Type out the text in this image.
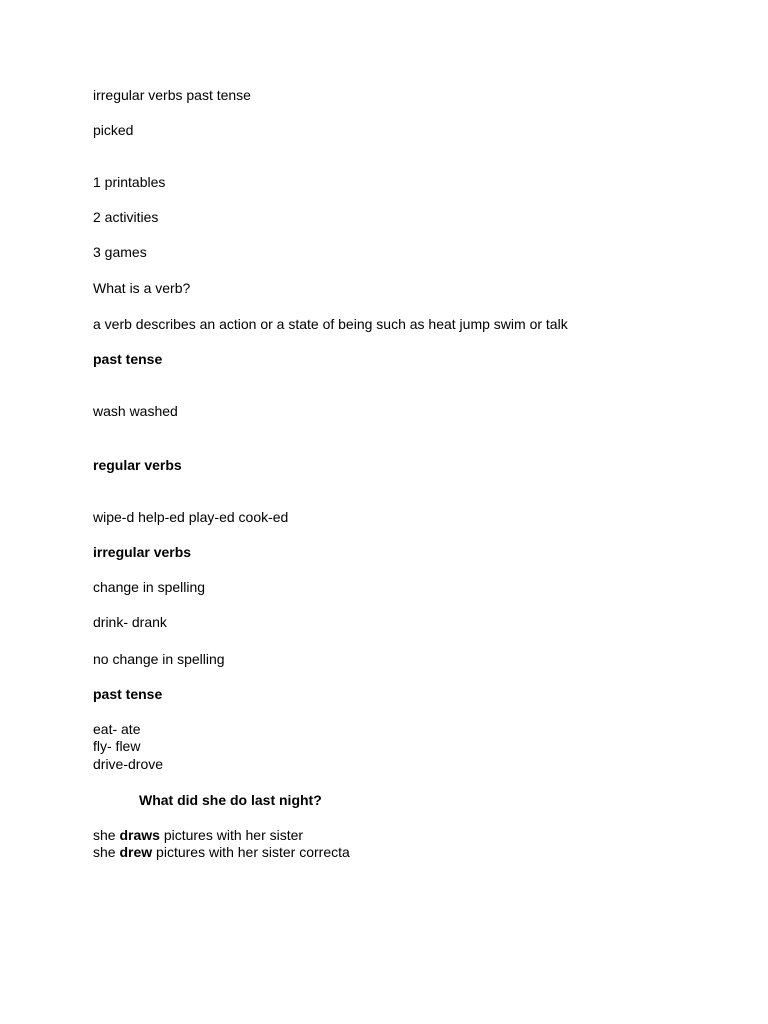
irregular verbs past tense

picked

1 printables

2 activities

3 games

What is a verb?

a verb describes an action or a state of being such as heat jump swim or talk

past tense

wash washed

regular verbs

wipe-d help-ed play-ed cook-ed

irregular verbs

change in spelling

drink- drank

no change in spelling

past tense

eat- ate

fly- flew

drive-drove

What did she do last night?

she draws pictures with her sister

she drew pictures with her sister correcta
